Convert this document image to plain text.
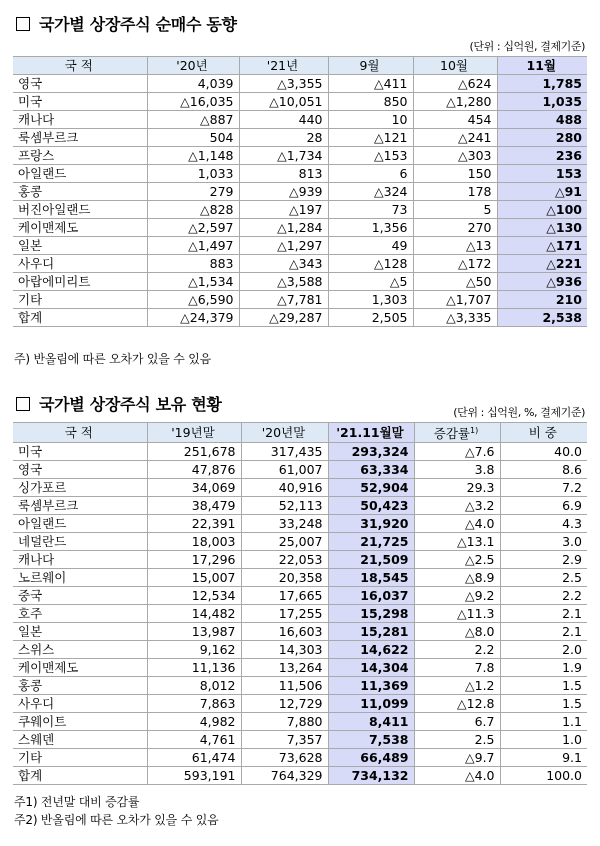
국가별 상장주식 순매수 동향
(단위 : 십억원, 결제기준)
국 적	'20년	'21년	9월	10월	11월
영국	4,039	△3,355	△411	△624	1,785
미국	△16,035	△10,051	850	△1,280	1,035
캐나다	△887	440	10	454	488
룩셈부르크	504	28	△121	△241	280
프랑스	△1,148	△1,734	△153	△303	236
아일랜드	1,033	813	6	150	153
홍콩	279	△939	△324	178	△91
버진아일랜드	△828	△197	73	5	△100
케이맨제도	△2,597	△1,284	1,356	270	△130
일본	△1,497	△1,297	49	△13	△171
사우디	883	△343	△128	△172	△221
아랍에미리트	△1,534	△3,588	△5	△50	△936
기타	△6,590	△7,781	1,303	△1,707	210
합계	△24,379	△29,287	2,505	△3,335	2,538
주) 반올림에 따른 오차가 있을 수 있음
국가별 상장주식 보유 현황	(단위 : 십억원, %, 결제기준)
국 적	'19년말	'20년말	'21.11월말	증감률$^{1)}$	비 중
미국	251,678	317,435	293,324	△7.6	40.0
영국	47,876	61,007	63,334	3.8	8.6
싱가포르	34,069	40,916	52,904	29.3	7.2
룩셈부르크	38,479	52,113	50,423	△3.2	6.9
아일랜드	22,391	33,248	31,920	△4.0	4.3
네덜란드	18,003	25,007	21,725	△13.1	3.0
캐나다	17,296	22,053	21,509	△2.5	2.9
노르웨이	15,007	20,358	18,545	△8.9	2.5
중국	12,534	17,665	16,037	△9.2	2.2
호주	14,482	17,255	15,298	△11.3	2.1
일본	13,987	16,603	15,281	△8.0	2.1
스위스	9,162	14,303	14,622	2.2	2.0
케이맨제도	11,136	13,264	14,304	7.8	1.9
홍콩	8,012	11,506	11,369	△1.2	1.5
사우디	7,863	12,729	11,099	△12.8	1.5
쿠웨이트	4,982	7,880	8,411	6.7	1.1
스웨덴	4,761	7,357	7,538	2.5	1.0
기타	61,474	73,628	66,489	△9.7	9.1
합계	593,191	764,329	734,132	△4.0	100.0
주1) 전년말 대비 증감률
주2) 반올림에 따른 오차가 있을 수 있음
